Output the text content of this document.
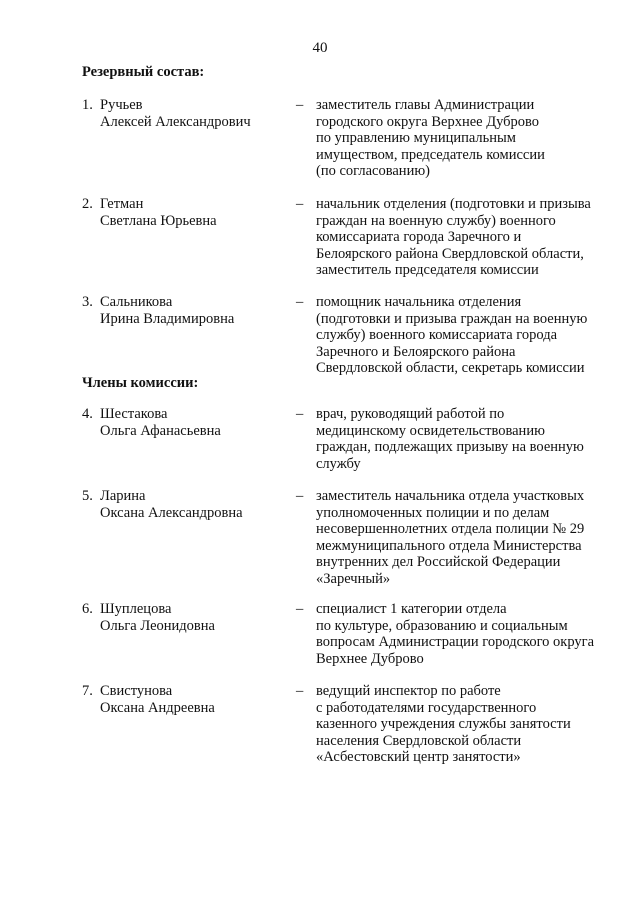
40
Резервный состав:
1. Ручьев
Алексей Александрович
– заместитель главы Администрации
городского округа Верхнее Дуброво
по управлению муниципальным
имуществом, председатель комиссии
(по согласованию)
2. Гетман
Светлана Юрьевна
– начальник отделения (подготовки и призыва
граждан на военную службу) военного
комиссариата города Заречного и
Белоярского района Свердловской области,
заместитель председателя комиссии
3. Сальникова
Ирина Владимировна
– помощник начальника отделения
(подготовки и призыва граждан на военную
службу) военного комиссариата города
Заречного и Белоярского района
Свердловской области, секретарь комиссии
Члены комиссии:
4. Шестакова
Ольга Афанасьевна
– врач, руководящий работой по
медицинскому освидетельствованию
граждан, подлежащих призыву на военную
службу
5. Ларина
Оксана Александровна
– заместитель начальника отдела участковых
уполномоченных полиции и по делам
несовершеннолетних отдела полиции № 29
межмуниципального отдела Министерства
внутренних дел Российской Федерации
«Заречный»
6. Шуплецова
Ольга Леонидовна
– специалист 1 категории отдела
по культуре, образованию и социальным
вопросам Администрации городского округа
Верхнее Дуброво
7. Свистунова
Оксана Андреевна
– ведущий инспектор по работе
с работодателями государственного
казенного учреждения службы занятости
населения Свердловской области
«Асбестовский центр занятости»
